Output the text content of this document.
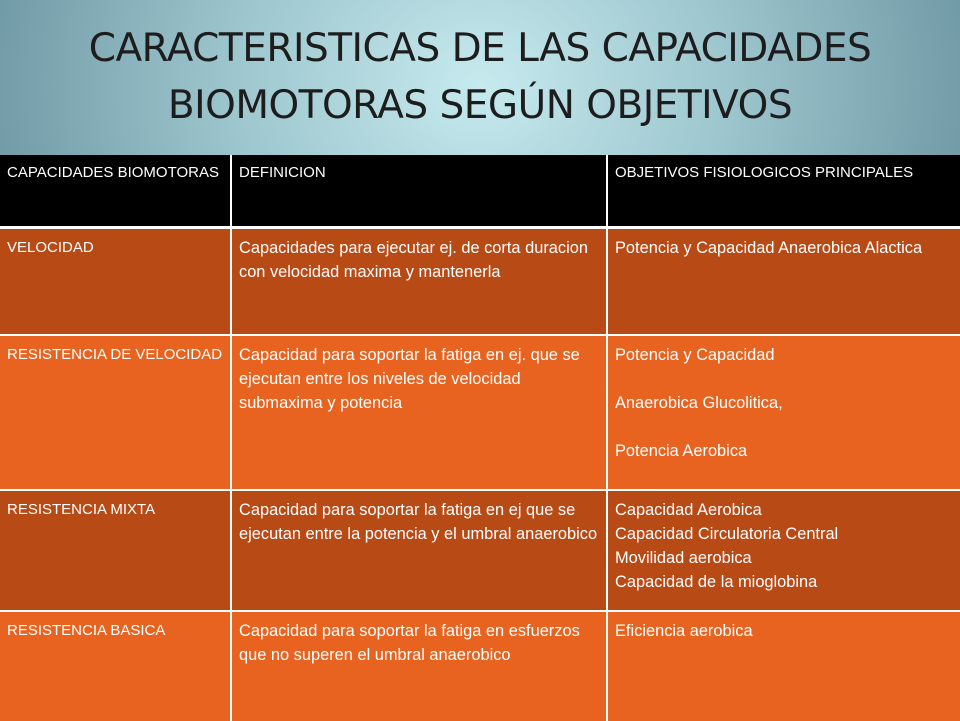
CARACTERISTICAS DE LAS CAPACIDADES
BIOMOTORAS SEGÚN OBJETIVOS
CAPACIDADES BIOMOTORAS	DEFINICION	OBJETIVOS FISIOLOGICOS PRINCIPALES
VELOCIDAD	Capacidades para ejecutar ej. de corta duracion con velocidad maxima y mantenerla	Potencia y Capacidad Anaerobica Alactica

RESISTENCIA DE VELOCIDAD	Capacidad para soportar la fatiga en ej. que se ejecutan entre los niveles de velocidad submaxima y potencia	Potencia y Capacidad
Anaerobica Glucolitica,
Potencia Aerobica

RESISTENCIA MIXTA	Capacidad para soportar la fatiga en ej que se ejecutan entre la potencia y el umbral anaerobico	Capacidad Aerobica
Capacidad Circulatoria Central
Movilidad aerobica
Capacidad de la mioglobina

RESISTENCIA BASICA	Capacidad para soportar la fatiga en esfuerzos que no superen el umbral anaerobico	Eficiencia aerobica
